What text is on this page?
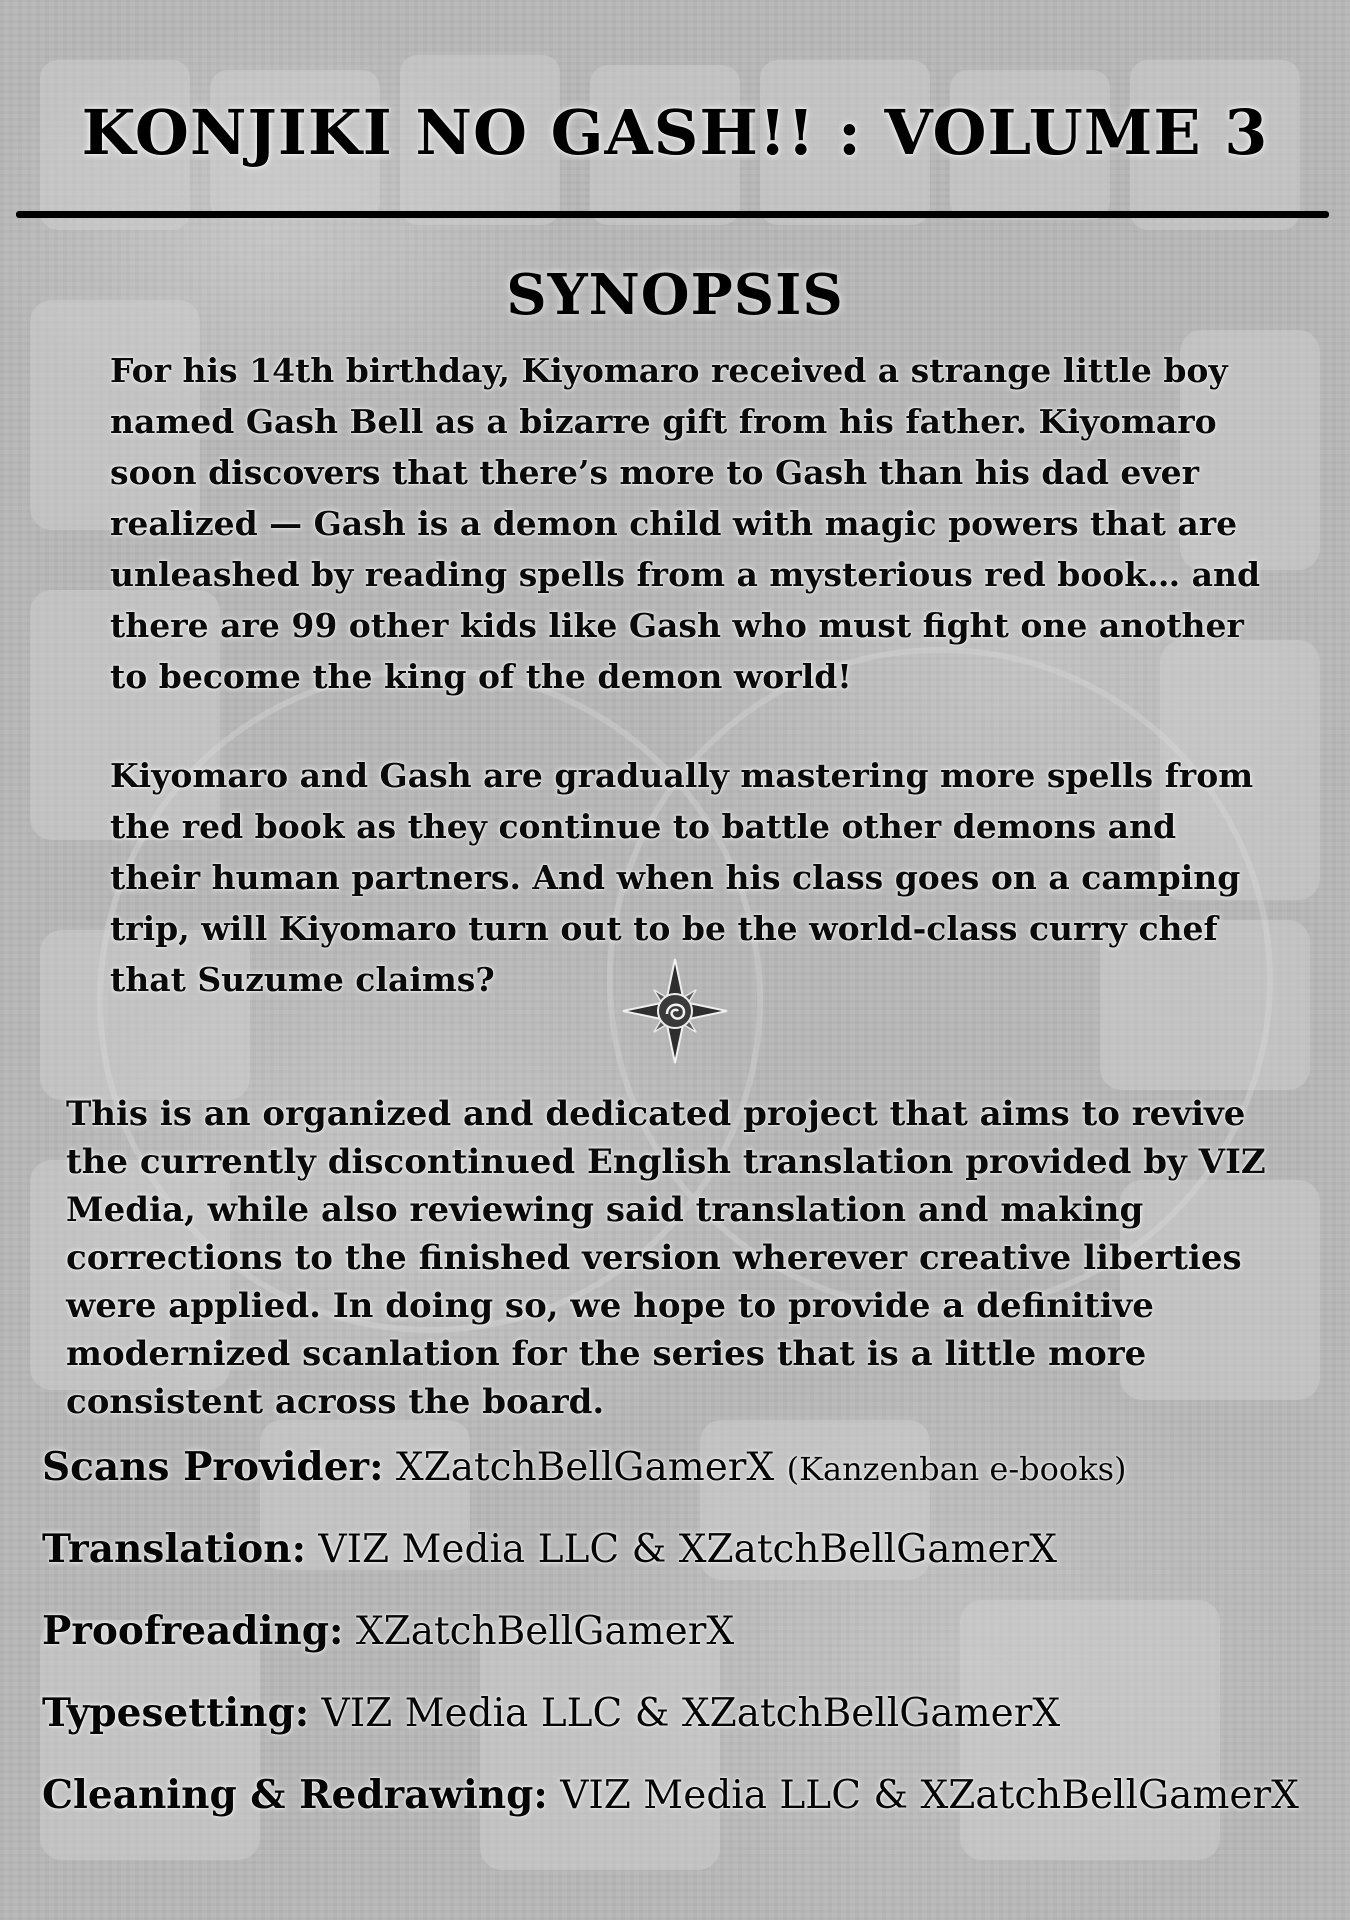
KONJIKI NO GASH!! : VOLUME 3
SYNOPSIS

For his 14th birthday, Kiyomaro received a strange little boy named Gash Bell as a bizarre gift from his father. Kiyomaro soon discovers that there’s more to Gash than his dad ever realized — Gash is a demon child with magic powers that are unleashed by reading spells from a mysterious red book… and there are 99 other kids like Gash who must fight one another to become the king of the demon world!

Kiyomaro and Gash are gradually mastering more spells from the red book as they continue to battle other demons and their human partners. And when his class goes on a camping trip, will Kiyomaro turn out to be the world-class curry chef that Suzume claims?

This is an organized and dedicated project that aims to revive the currently discontinued English translation provided by VIZ Media, while also reviewing said translation and making corrections to the finished version wherever creative liberties were applied. In doing so, we hope to provide a definitive modernized scanlation for the series that is a little more consistent across the board.

Scans Provider: XZatchBellGamerX (Kanzenban e-books)

Translation: VIZ Media LLC & XZatchBellGamerX

Proofreading: XZatchBellGamerX

Typesetting: VIZ Media LLC & XZatchBellGamerX

Cleaning & Redrawing: VIZ Media LLC & XZatchBellGamerX
